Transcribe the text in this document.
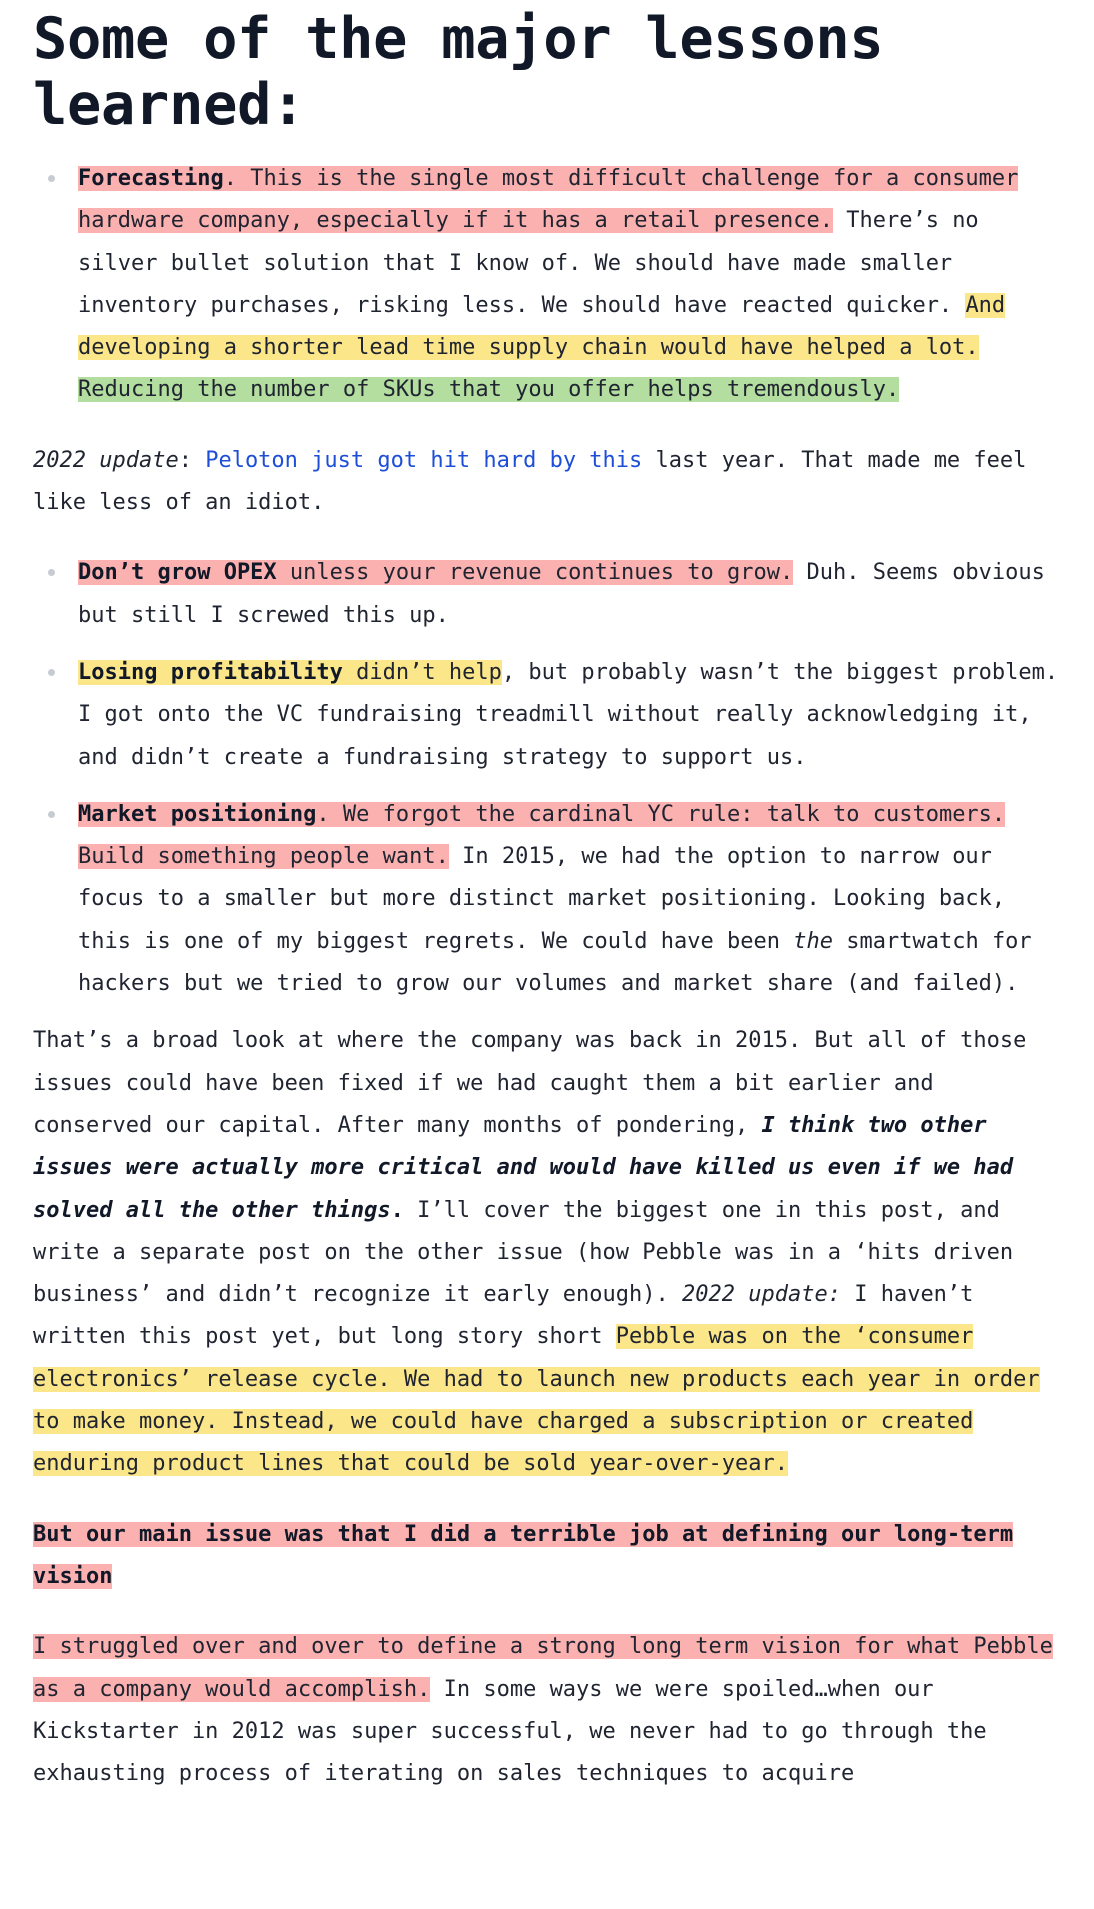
Some of the major lessons learned:
Forecasting. This is the single most difficult challenge for a consumer hardware company, especially if it has a retail presence. There’s no silver bullet solution that I know of. We should have made smaller inventory purchases, risking less. We should have reacted quicker. And developing a shorter lead time supply chain would have helped a lot. Reducing the number of SKUs that you offer helps tremendously.

2022 update: Peloton just got hit hard by this last year. That made me feel like less of an idiot.

Don’t grow OPEX unless your revenue continues to grow. Duh. Seems obvious but still I screwed this up.
Losing profitability didn’t help, but probably wasn’t the biggest problem. I got onto the VC fundraising treadmill without really acknowledging it, and didn’t create a fundraising strategy to support us.
Market positioning. We forgot the cardinal YC rule: talk to customers. Build something people want. In 2015, we had the option to narrow our focus to a smaller but more distinct market positioning. Looking back, this is one of my biggest regrets. We could have been the smartwatch for hackers but we tried to grow our volumes and market share (and failed).

That’s a broad look at where the company was back in 2015. But all of those issues could have been fixed if we had caught them a bit earlier and conserved our capital. After many months of pondering, I think two other issues were actually more critical and would have killed us even if we had solved all the other things. I’ll cover the biggest one in this post, and write a separate post on the other issue (how Pebble was in a ‘hits driven business’ and didn’t recognize it early enough). 2022 update: I haven’t written this post yet, but long story short Pebble was on the ‘consumer electronics’ release cycle. We had to launch new products each year in order to make money. Instead, we could have charged a subscription or created enduring product lines that could be sold year-over-year.

But our main issue was that I did a terrible job at defining our long-term vision

I struggled over and over to define a strong long term vision for what Pebble as a company would accomplish. In some ways we were spoiled…when our Kickstarter in 2012 was super successful, we never had to go through the exhausting process of iterating on sales techniques to acquire
